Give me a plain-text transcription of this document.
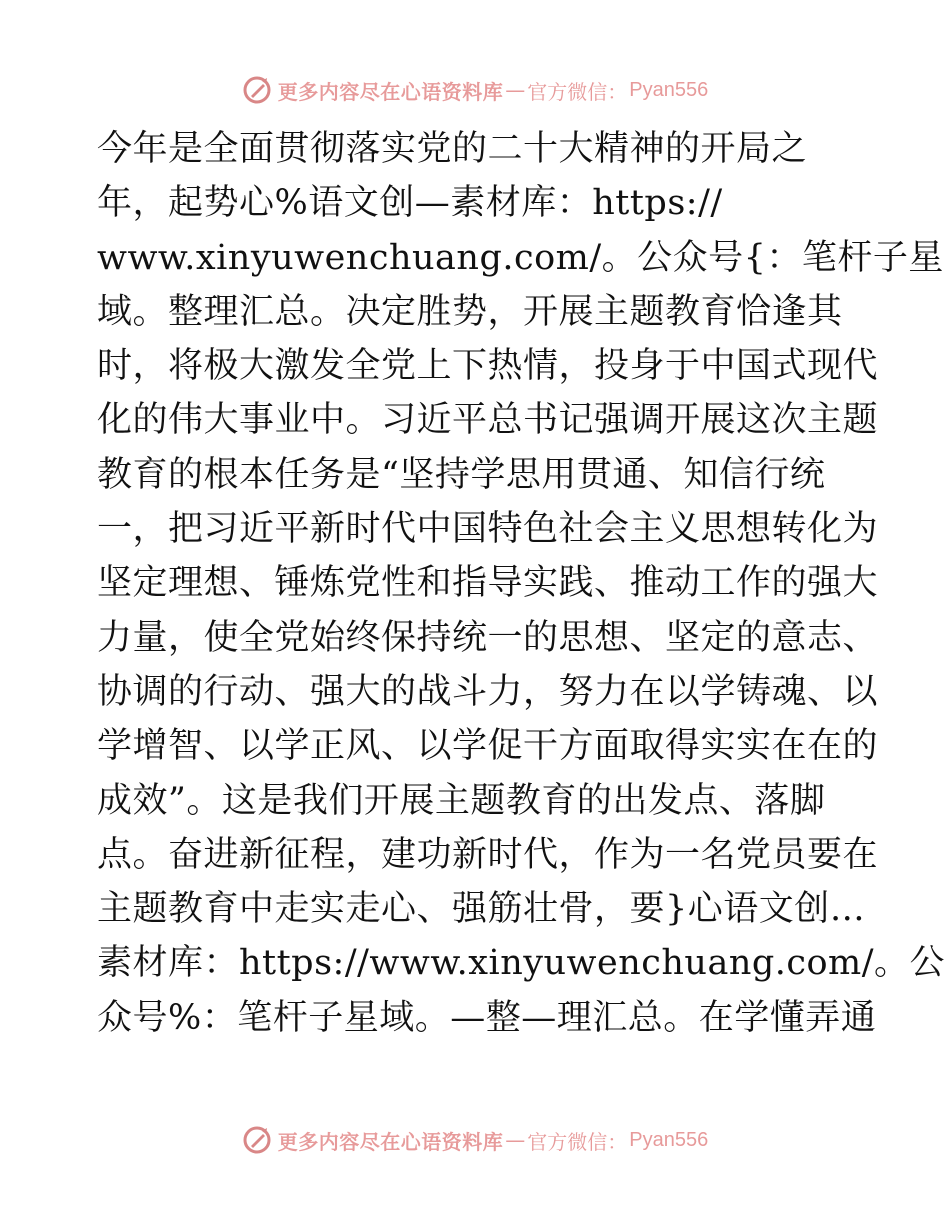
更多内容尽在心语资料库 — 官方微信： Pyan556
今年是全面贯彻落实党的二十大精神的开局之
年，起势心%语文创—素材库：https://
www.xinyuwenchuang.com/。公众号{：笔杆子星
域。整理汇总。决定胜势，开展主题教育恰逢其
时，将极大激发全党上下热情，投身于中国式现代
化的伟大事业中。习近平总书记强调开展这次主题
教育的根本任务是“坚持学思用贯通、知信行统
一，把习近平新时代中国特色社会主义思想转化为
坚定理想、锤炼党性和指导实践、推动工作的强大
力量，使全党始终保持统一的思想、坚定的意志、
协调的行动、强大的战斗力，努力在以学铸魂、以
学增智、以学正风、以学促干方面取得实实在在的
成效”。这是我们开展主题教育的出发点、落脚
点。奋进新征程，建功新时代，作为一名党员要在
主题教育中走实走心、强筋壮骨，要}心语文创…
素材库：https://www.xinyuwenchuang.com/。公
众号%：笔杆子星域。—整—理汇总。在学懂弄通
更多内容尽在心语资料库 — 官方微信： Pyan556
